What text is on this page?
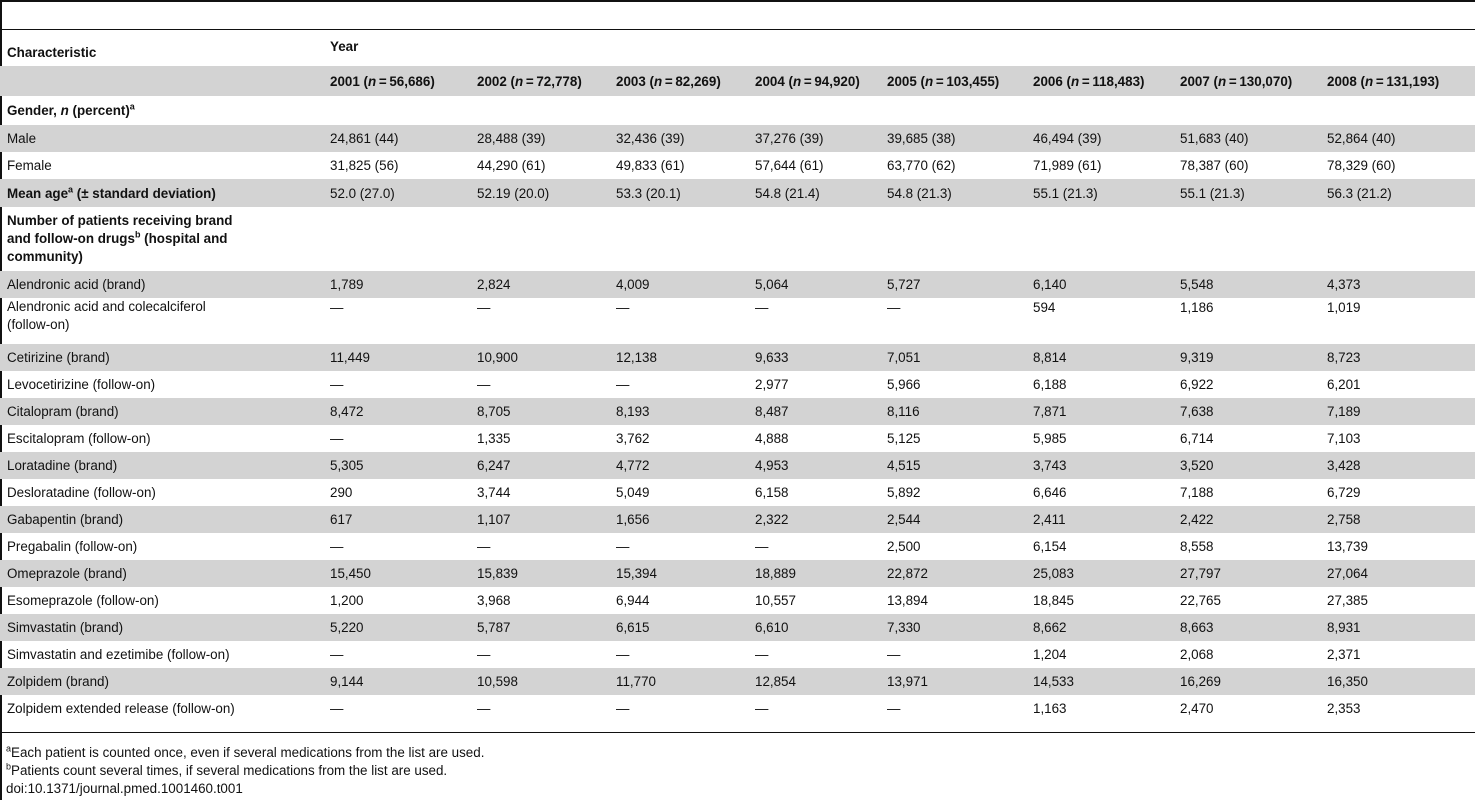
Characteristic	Year							
	2001 (n = 56,686)	2002 (n = 72,778)	2003 (n = 82,269)	2004 (n = 94,920)	2005 (n = 103,455)	2006 (n = 118,483)	2007 (n = 130,070)	2008 (n = 131,193)
Gender, n (percent)$^a$
Male	24,861 (44)	28,488 (39)	32,436 (39)	37,276 (39)	39,685 (38)	46,494 (39)	51,683 (40)	52,864 (40)
Female	31,825 (56)	44,290 (61)	49,833 (61)	57,644 (61)	63,770 (62)	71,989 (61)	78,387 (60)	78,329 (60)
Mean age$^a$ (± standard deviation)	52.0 (27.0)	52.19 (20.0)	53.3 (20.1)	54.8 (21.4)	54.8 (21.3)	55.1 (21.3)	55.1 (21.3)	56.3 (21.2)

Number of patients receiving brand
and follow-on drugs$^b$ (hospital and
community)								

Alendronic acid (brand)	1,789	2,824	4,009	5,064	5,727	6,140	5,548	4,373

Alendronic acid and colecalciferol
(follow-on)	—	—	—	—	—	594	1,186	1,019

Cetirizine (brand)	11,449	10,900	12,138	9,633	7,051	8,814	9,319	8,723

Levocetirizine (follow-on)	—	—	—	2,977	5,966	6,188	6,922	6,201

Citalopram (brand)	8,472	8,705	8,193	8,487	8,116	7,871	7,638	7,189

Escitalopram (follow-on)	—	1,335	3,762	4,888	5,125	5,985	6,714	7,103

Loratadine (brand)	5,305	6,247	4,772	4,953	4,515	3,743	3,520	3,428

Desloratadine (follow-on)	290	3,744	5,049	6,158	5,892	6,646	7,188	6,729

Gabapentin (brand)	617	1,107	1,656	2,322	2,544	2,411	2,422	2,758

Pregabalin (follow-on)	—	—	—	—	2,500	6,154	8,558	13,739

Omeprazole (brand)	15,450	15,839	15,394	18,889	22,872	25,083	27,797	27,064

Esomeprazole (follow-on)	1,200	3,968	6,944	10,557	13,894	18,845	22,765	27,385

Simvastatin (brand)	5,220	5,787	6,615	6,610	7,330	8,662	8,663	8,931

Simvastatin and ezetimibe (follow-on)	—	—	—	—	—	1,204	2,068	2,371

Zolpidem (brand)	9,144	10,598	11,770	12,854	13,971	14,533	16,269	16,350

Zolpidem extended release (follow-on)	—	—	—	—	—	1,163	2,470	2,353
$^a$Each patient is counted once, even if several medications from the list are used.
$^b$Patients count several times, if several medications from the list are used.
doi:10.1371/journal.pmed.1001460.t001
